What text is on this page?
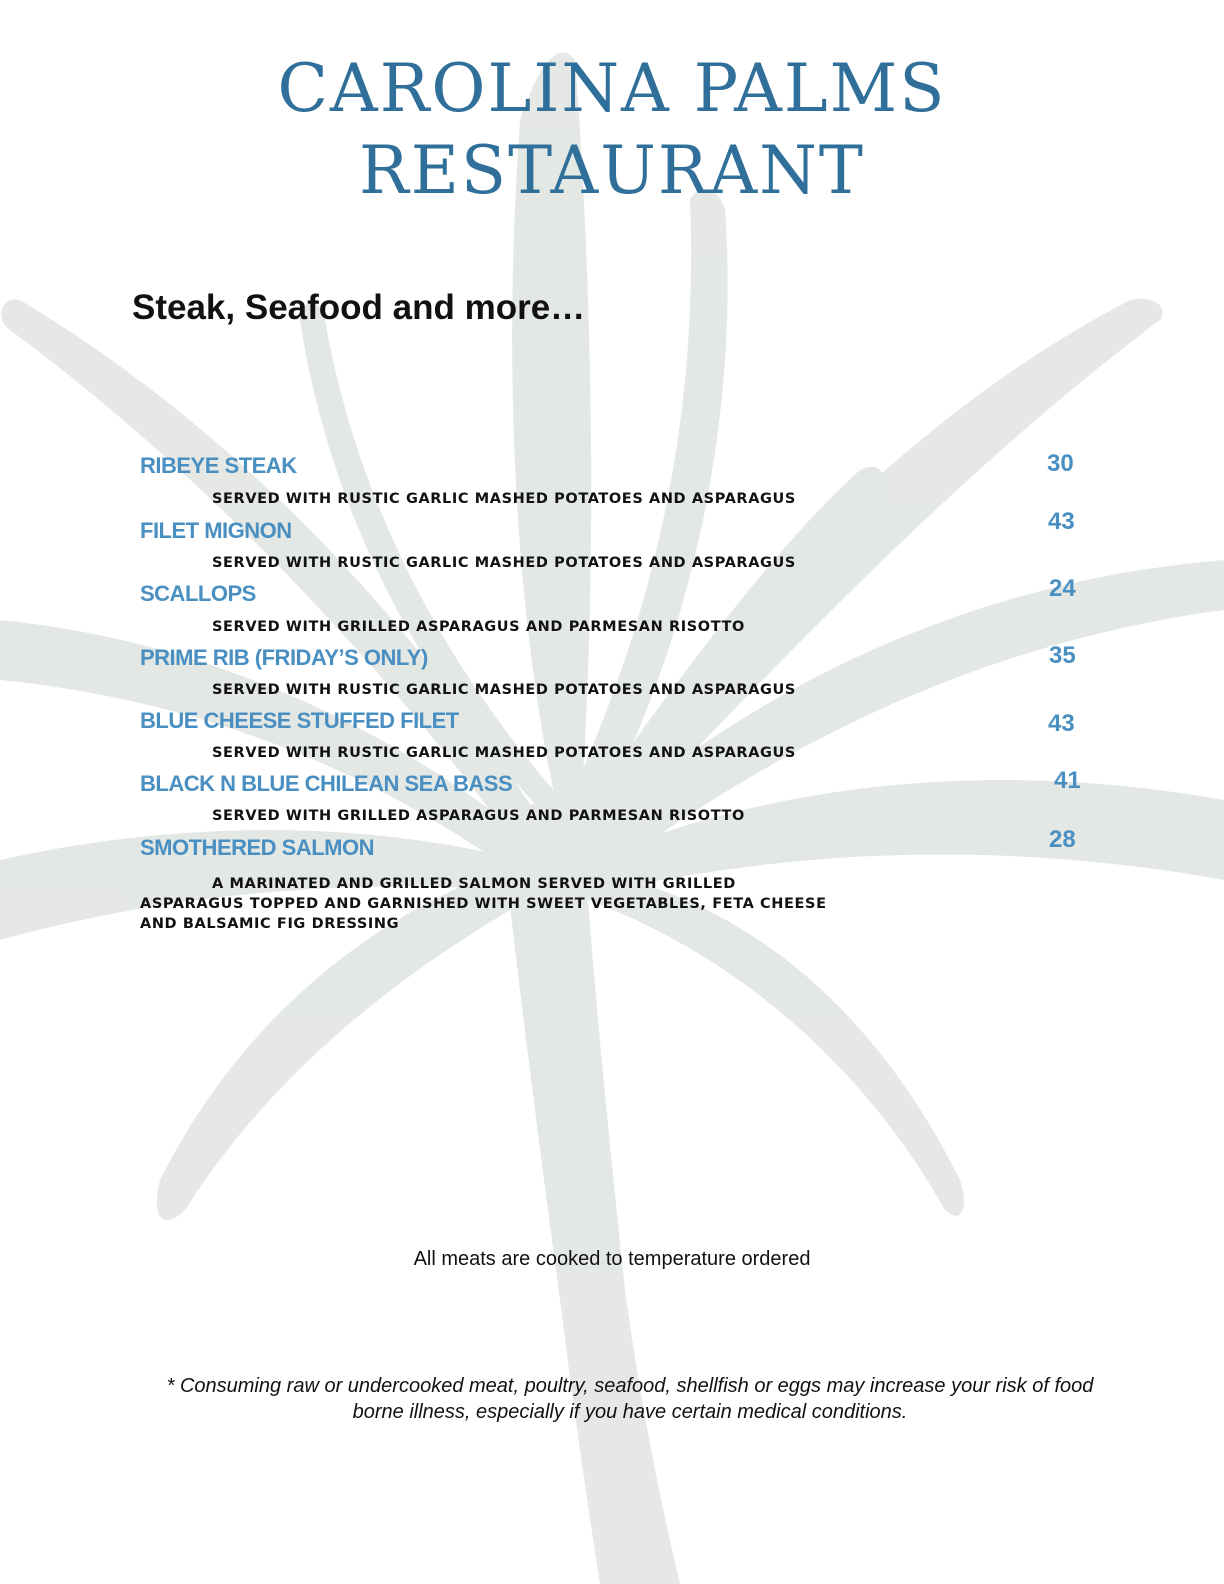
CAROLINA PALMS
RESTAURANT
Steak, Seafood and more…
RIBEYE STEAK	30
SERVED WITH RUSTIC GARLIC MASHED POTATOES AND ASPARAGUS
FILET MIGNON	43
SERVED WITH RUSTIC GARLIC MASHED POTATOES AND ASPARAGUS
SCALLOPS	24
SERVED WITH GRILLED ASPARAGUS AND PARMESAN RISOTTO
PRIME RIB (FRIDAY’S ONLY)	35
SERVED WITH RUSTIC GARLIC MASHED POTATOES AND ASPARAGUS
BLUE CHEESE STUFFED FILET	43
SERVED WITH RUSTIC GARLIC MASHED POTATOES AND ASPARAGUS
BLACK N BLUE CHILEAN SEA BASS	41
SERVED WITH GRILLED ASPARAGUS AND PARMESAN RISOTTO
SMOTHERED SALMON	28
A MARINATED AND GRILLED SALMON SERVED WITH GRILLED ASPARAGUS TOPPED AND GARNISHED WITH SWEET VEGETABLES, FETA CHEESE AND BALSAMIC FIG DRESSING
All meats are cooked to temperature ordered
* Consuming raw or undercooked meat, poultry, seafood, shellfish or eggs may increase your risk of food borne illness, especially if you have certain medical conditions.
